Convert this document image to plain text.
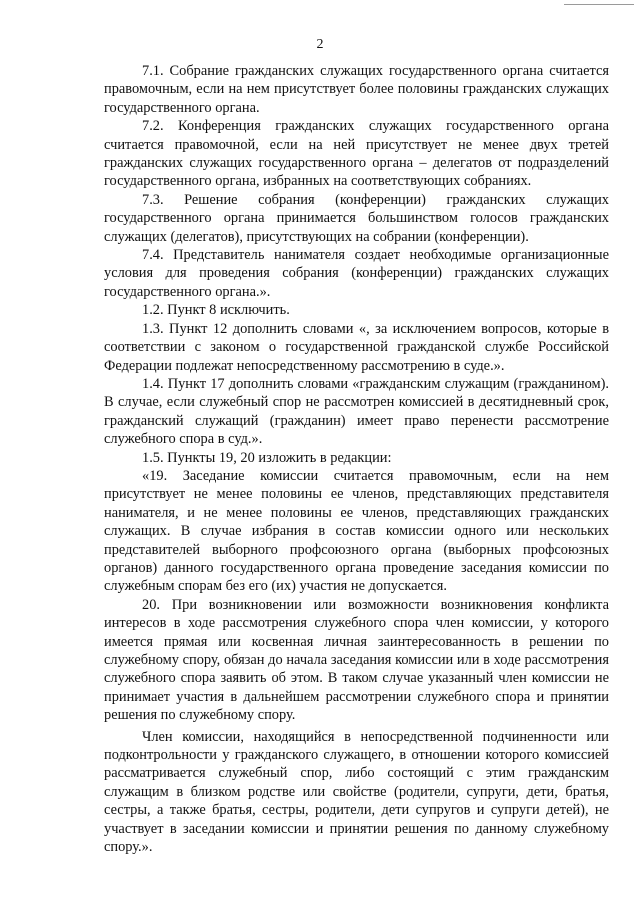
2

7.1. Собрание гражданских служащих государственного органа считается правомочным, если на нем присутствует более половины гражданских служащих государственного органа.

7.2. Конференция гражданских служащих государственного органа считается правомочной, если на ней присутствует не менее двух третей гражданских служащих государственного органа – делегатов от подразделений государственного органа, избранных на соответствующих собраниях.

7.3. Решение собрания (конференции) гражданских служащих государственного органа принимается большинством голосов гражданских служащих (делегатов), присутствующих на собрании (конференции).

7.4. Представитель нанимателя создает необходимые организационные условия для проведения собрания (конференции) гражданских служащих государственного органа.».

1.2. Пункт 8 исключить.

1.3. Пункт 12 дополнить словами «, за исключением вопросов, которые в соответствии с законом о государственной гражданской службе Российской Федерации подлежат непосредственному рассмотрению в суде.».

1.4. Пункт 17 дополнить словами «гражданским служащим (гражданином). В случае, если служебный спор не рассмотрен комиссией в десятидневный срок, гражданский служащий (гражданин) имеет право перенести рассмотрение служебного спора в суд.».

1.5. Пункты 19, 20 изложить в редакции:

«19. Заседание комиссии считается правомочным, если на нем присутствует не менее половины ее членов, представляющих представителя нанимателя, и не менее половины ее членов, представляющих гражданских служащих. В случае избрания в состав комиссии одного или нескольких представителей выборного профсоюзного органа (выборных профсоюзных органов) данного государственного органа проведение заседания комиссии по служебным спорам без его (их) участия не допускается.

20. При возникновении или возможности возникновения конфликта интересов в ходе рассмотрения служебного спора член комиссии, у которого имеется прямая или косвенная личная заинтересованность в решении по служебному спору, обязан до начала заседания комиссии или в ходе рассмотрения служебного спора заявить об этом. В таком случае указанный член комиссии не принимает участия в дальнейшем рассмотрении служебного спора и принятии решения по служебному спору.

Член комиссии, находящийся в непосредственной подчиненности или подконтрольности у гражданского служащего, в отношении которого комиссией рассматривается служебный спор, либо состоящий с этим гражданским служащим в близком родстве или свойстве (родители, супруги, дети, братья, сестры, а также братья, сестры, родители, дети супругов и супруги детей), не участвует в заседании комиссии и принятии решения по данному служебному спору.».
